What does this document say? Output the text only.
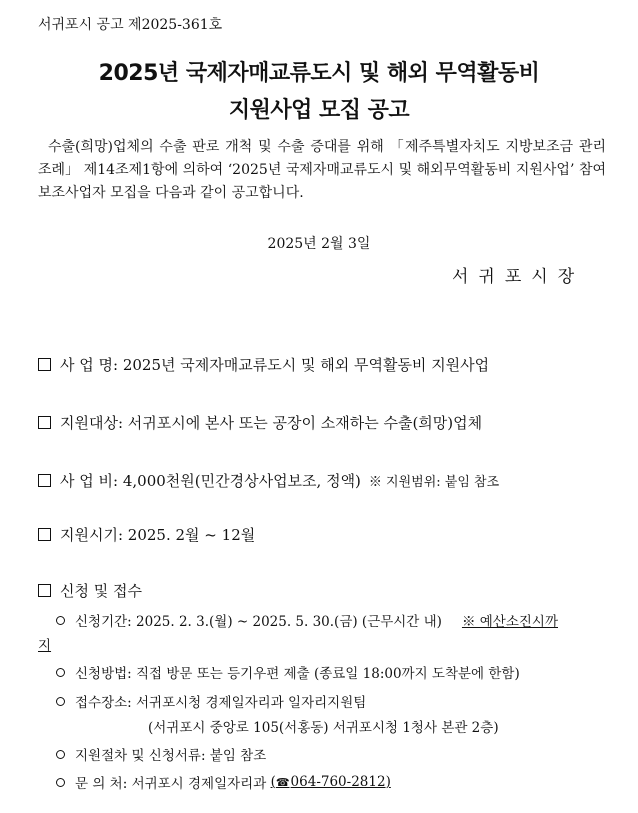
서귀포시 공고 제2025-361호
2025년 국제자매교류도시 및 해외 무역활동비
지원사업 모집 공고
수출(희망)업체의 수출 판로 개척 및 수출 증대를 위해 「제주특별자치도 지방보조금 관리 조례」 제14조제1항에 의하여 ‘2025년 국제자매교류도시 및 해외무역활동비 지원사업’ 참여 보조사업자 모집을 다음과 같이 공고합니다.
2025년 2월 3일
서귀포시장
사 업 명:
2025년 국제자매교류도시 및 해외 무역활동비 지원사업
지원대상:
서귀포시에 본사 또는 공장이 소재하는 수출(희망)업체
사 업 비:
4,000천원(민간경상사업보조, 정액) ※ 지원범위: 붙임 참조
지원시기:
2025. 2월 ~ 12월
신청 및 접수
신청기간:
2025. 2. 3.(월) ~ 2025. 5. 30.(금) (근무시간 내) ※ 예산소진시까
지
신청방법:
직접 방문 또는 등기우편 제출 (종료일 18:00까지 도착분에 한함)
접수장소:
서귀포시청 경제일자리과 일자리지원팀
(서귀포시 중앙로 105(서홍동) 서귀포시청 1청사 본관 2층)
지원절차 및 신청서류:
붙임 참조
문 의 처:
서귀포시 경제일자리과
(☎064-760-2812)
